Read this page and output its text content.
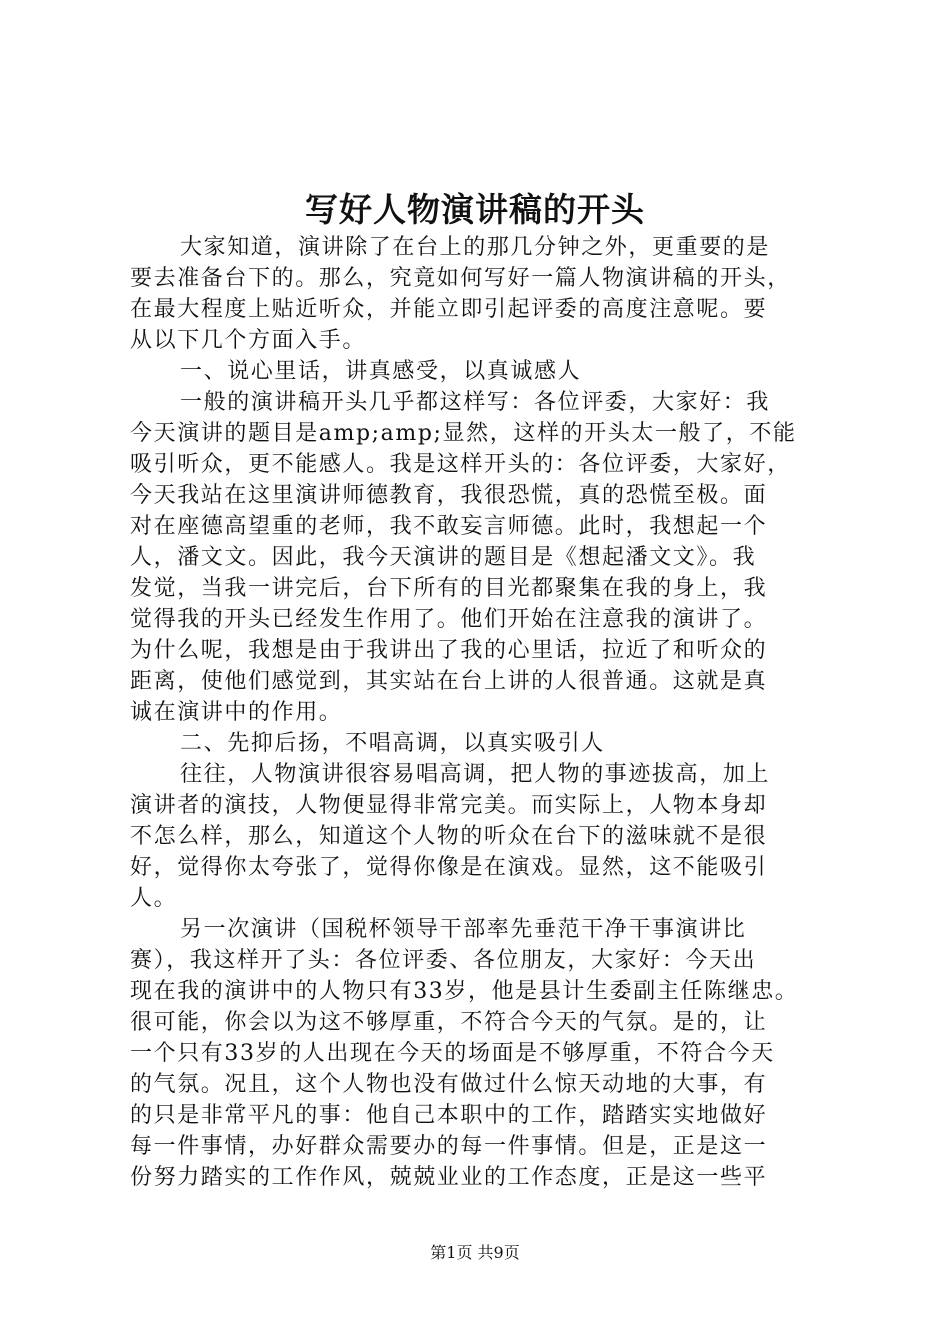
写好人物演讲稿的开头
大家知道，演讲除了在台上的那几分钟之外，更重要的是
要去准备台下的。那么，究竟如何写好一篇人物演讲稿的开头，
在最大程度上贴近听众，并能立即引起评委的高度注意呢。要
从以下几个方面入手。
一、说心里话，讲真感受，以真诚感人
一般的演讲稿开头几乎都这样写：各位评委，大家好：我
今天演讲的题目是amp;amp;显然，这样的开头太一般了，不能
吸引听众，更不能感人。我是这样开头的：各位评委，大家好，
今天我站在这里演讲师德教育，我很恐慌，真的恐慌至极。面
对在座德高望重的老师，我不敢妄言师德。此时，我想起一个
人，潘文文。因此，我今天演讲的题目是《想起潘文文》。我
发觉，当我一讲完后，台下所有的目光都聚集在我的身上，我
觉得我的开头已经发生作用了。他们开始在注意我的演讲了。
为什么呢，我想是由于我讲出了我的心里话，拉近了和听众的
距离，使他们感觉到，其实站在台上讲的人很普通。这就是真
诚在演讲中的作用。
二、先抑后扬，不唱高调，以真实吸引人
往往，人物演讲很容易唱高调，把人物的事迹拔高，加上
演讲者的演技，人物便显得非常完美。而实际上，人物本身却
不怎么样，那么，知道这个人物的听众在台下的滋味就不是很
好，觉得你太夸张了，觉得你像是在演戏。显然，这不能吸引
人。
另一次演讲（国税杯领导干部率先垂范干净干事演讲比
赛），我这样开了头：各位评委、各位朋友，大家好：今天出
现在我的演讲中的人物只有33岁，他是县计生委副主任陈继忠。
很可能，你会以为这不够厚重，不符合今天的气氛。是的，让
一个只有33岁的人出现在今天的场面是不够厚重，不符合今天
的气氛。况且，这个人物也没有做过什么惊天动地的大事，有
的只是非常平凡的事：他自己本职中的工作，踏踏实实地做好
每一件事情，办好群众需要办的每一件事情。但是，正是这一
份努力踏实的工作作风，兢兢业业的工作态度，正是这一些平
第1页 共9页
